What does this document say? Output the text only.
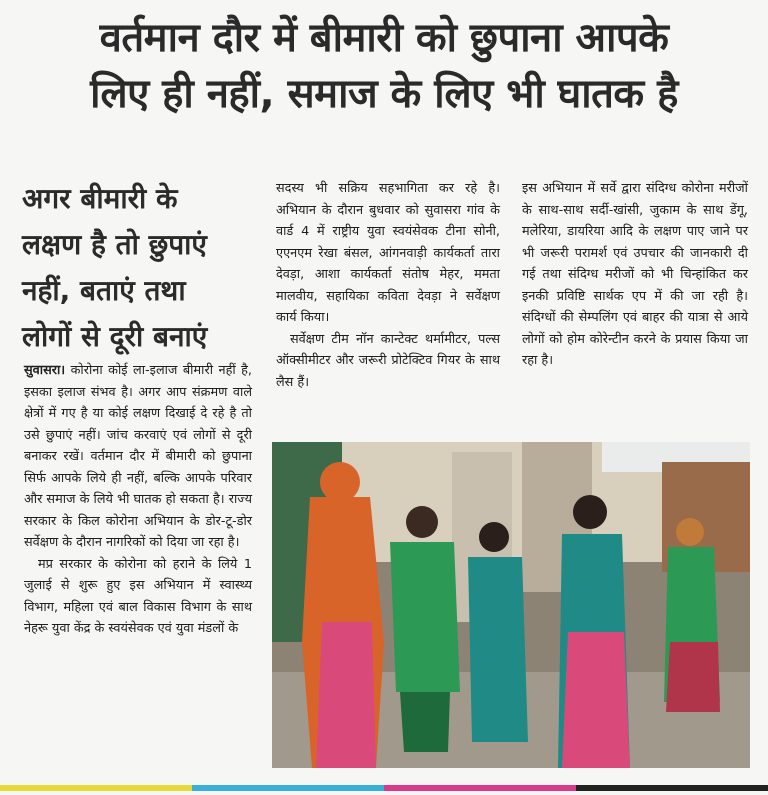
वर्तमान दौर में बीमारी को छुपाना आपके
लिए ही नहीं, समाज के लिए भी घातक है
अगर बीमारी के
लक्षण है तो छुपाएं
नहीं, बताएं तथा
लोगों से दूरी बनाएं

सुवासरा। कोरोना कोई ला-इलाज बीमारी नहीं है, इसका इलाज संभव है। अगर आप संक्रमण वाले क्षेत्रों में गए है या कोई लक्षण दिखाई दे रहे है तो उसे छुपाएं नहीं। जांच करवाएं एवं लोगों से दूरी बनाकर रखें। वर्तमान दौर में बीमारी को छुपाना सिर्फ आपके लिये ही नहीं, बल्कि आपके परिवार और समाज के लिये भी घातक हो सकता है। राज्य सरकार के किल कोरोना अभियान के डोर-टू-डोर सर्वेक्षण के दौरान नागरिकों को दिया जा रहा है।

मप्र सरकार के कोरोना को हराने के लिये 1 जुलाई से शुरू हुए इस अभियान में स्वास्थ्य विभाग, महिला एवं बाल विकास विभाग के साथ नेहरू युवा केंद्र के स्वयंसेवक एवं युवा मंडलों के

सदस्य भी सक्रिय सहभागिता कर रहे है। अभियान के दौरान बुधवार को सुवासरा गांव के वार्ड 4 में राष्ट्रीय युवा स्वयंसेवक टीना सोनी, एएनएम रेखा बंसल, आंगनवाड़ी कार्यकर्ता तारा देवड़ा, आशा कार्यकर्ता संतोष मेहर, ममता मालवीय, सहायिका कविता देवड़ा ने सर्वेक्षण कार्य किया।

सर्वेक्षण टीम नॉन कान्टेक्ट थर्मामीटर, पल्स ऑक्सीमीटर और जरूरी प्रोटेक्टिव गियर के साथ लैस हैं।

इस अभियान में सर्वे द्वारा संदिग्ध कोरोना मरीजों के साथ-साथ सर्दी-खांसी, जुकाम के साथ डेंगू, मलेरिया, डायरिया आदि के लक्षण पाए जाने पर भी जरूरी परामर्श एवं उपचार की जानकारी दी गई तथा संदिग्ध मरीजों को भी चिन्हांकित कर इनकी प्रविष्टि सार्थक एप में की जा रही है। संदिग्धों की सेम्पलिंग एवं बाहर की यात्रा से आये लोगों को होम कोरेन्टीन करने के प्रयास किया जा रहा है।
